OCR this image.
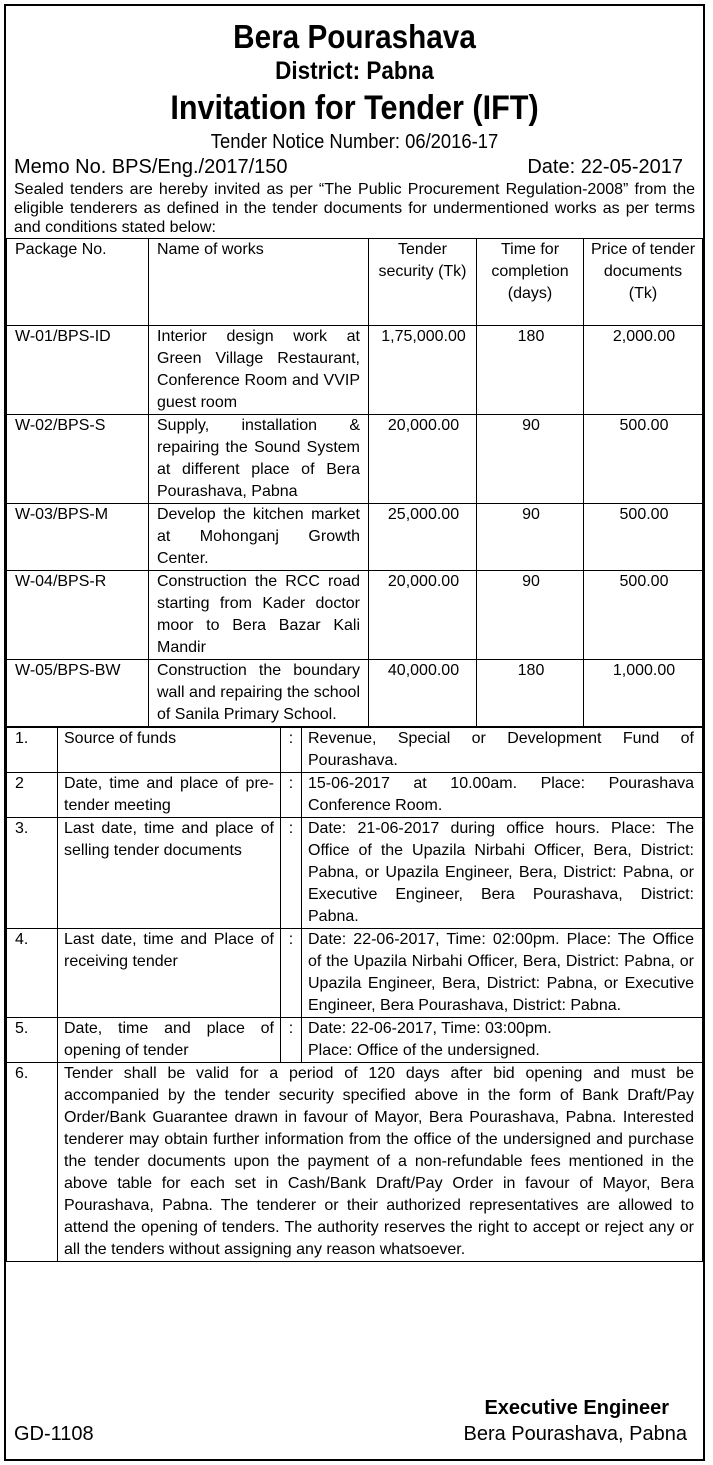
Bera Pourashava
District: Pabna
Invitation for Tender (IFT)
Tender Notice Number: 06/2016-17
Memo No. BPS/Eng./2017/150	Date: 22-05-2017
Sealed tenders are hereby invited as per “The Public Procurement Regulation-2008” from the eligible tenderers as defined in the tender documents for undermentioned works as per terms and conditions stated below:
Package No.	Name of works	Tender security (Tk)	Time for completion (days)	Price of tender documents (Tk)
W-01/BPS-ID	Interior design work at Green Village Restaurant, Conference Room and VVIP guest room	1,75,000.00	180	2,000.00
W-02/BPS-S	Supply, installation & repairing the Sound System at different place of Bera Pourashava, Pabna	20,000.00	90	500.00
W-03/BPS-M	Develop the kitchen market at Mohonganj Growth Center.	25,000.00	90	500.00
W-04/BPS-R	Construction the RCC road starting from Kader doctor moor to Bera Bazar Kali Mandir	20,000.00	90	500.00
W-05/BPS-BW	Construction the boundary wall and repairing the school of Sanila Primary School.	40,000.00	180	1,000.00
1.	Source of funds	:	Revenue, Special or Development Fund of Pourashava.
2	Date, time and place of pre-tender meeting	:	15-06-2017 at 10.00am. Place: Pourashava Conference Room.
3.	Last date, time and place of selling tender documents	:	Date: 21-06-2017 during office hours. Place: The Office of the Upazila Nirbahi Officer, Bera, District: Pabna, or Upazila Engineer, Bera, District: Pabna, or Executive Engineer, Bera Pourashava, District: Pabna.
4.	Last date, time and Place of receiving tender	:	Date: 22-06-2017, Time: 02:00pm. Place: The Office of the Upazila Nirbahi Officer, Bera, District: Pabna, or Upazila Engineer, Bera, District: Pabna, or Executive Engineer, Bera Pourashava, District: Pabna.
5.	Date, time and place of opening of tender	:	Date: 22-06-2017, Time: 03:00pm.
Place: Office of the undersigned.

6.	Tender shall be valid for a period of 120 days after bid opening and must be accompanied by the tender security specified above in the form of Bank Draft/Pay Order/Bank Guarantee drawn in favour of Mayor, Bera Pourashava, Pabna. Interested tenderer may obtain further information from the office of the undersigned and purchase the tender documents upon the payment of a non-refundable fees mentioned in the above table for each set in Cash/Bank Draft/Pay Order in favour of Mayor, Bera Pourashava, Pabna. The tenderer or their authorized representatives are allowed to attend the opening of tenders. The authority reserves the right to accept or reject any or all the tenders without assigning any reason whatsoever.		
Executive Engineer
GD-1108	Bera Pourashava, Pabna
